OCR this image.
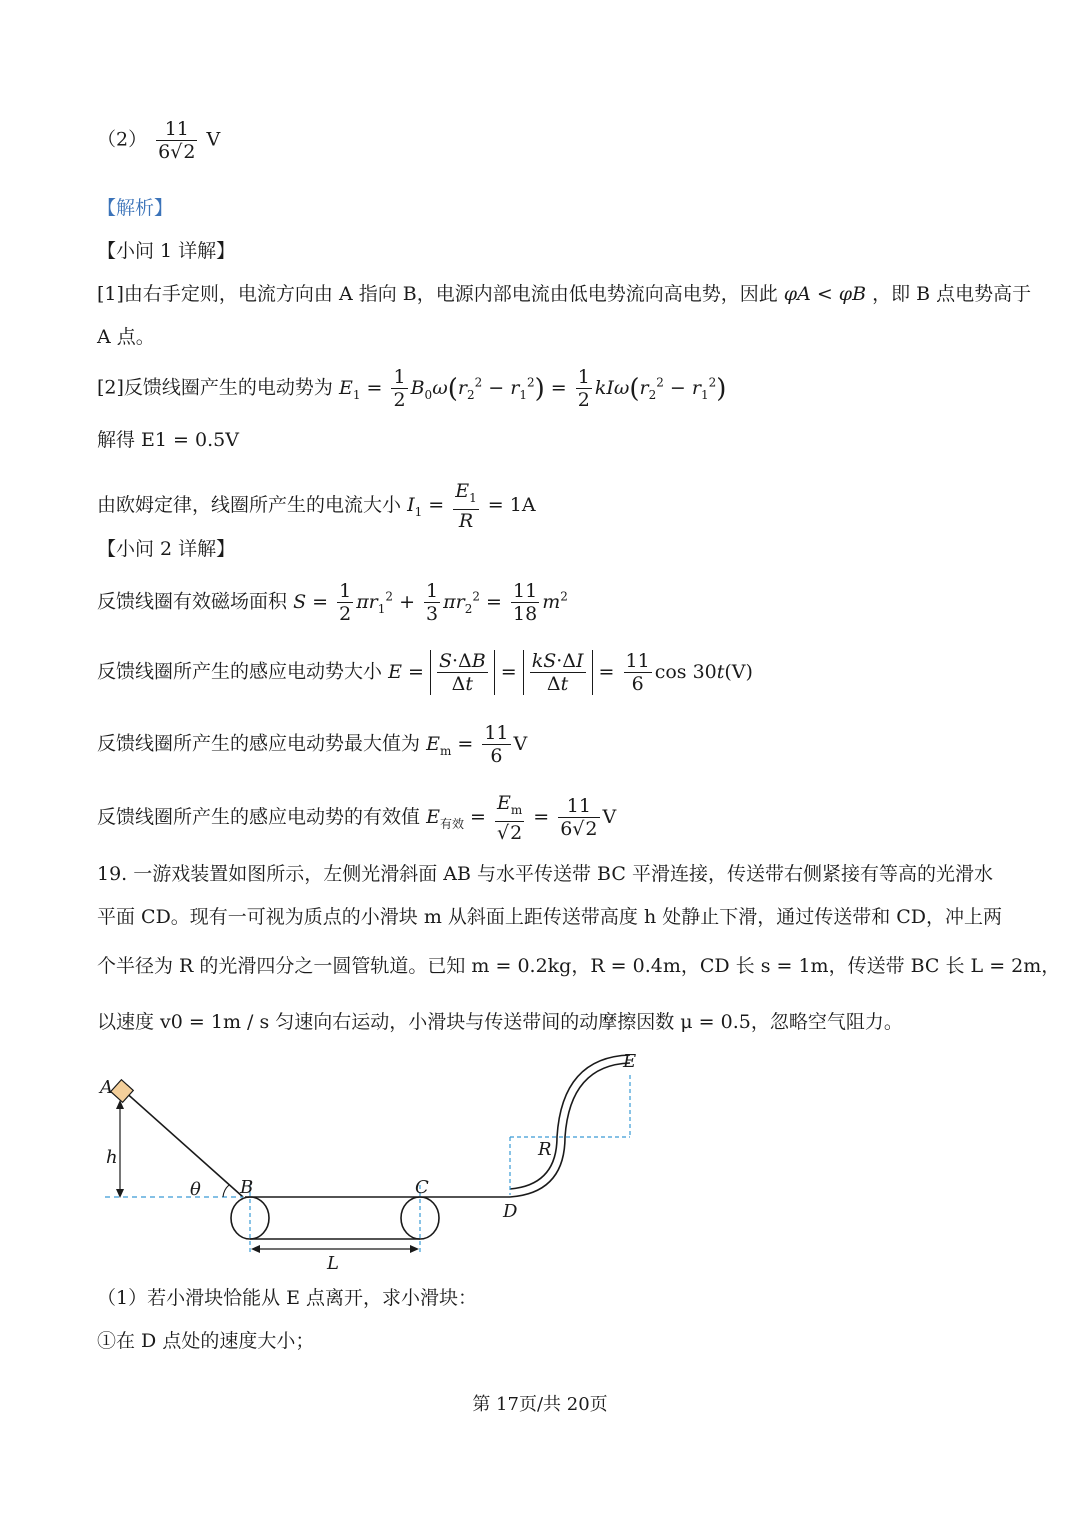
$(2) \frac{11}{6√2}$ V
【解析】
【小问 1 详解】
[1]由右手定则，电流方向由 A 指向 B，电源内部电流由低电势流向高电势，因此 φA < φB ，即 B 点电势高于
A 点。
[2]反馈线圈产生的电动势为 $E_1 = \frac{1}{2} B_0\omega(r_2^2 - r_1^2) = \frac{1}{2} kI\omega(r_2^2 - r_1^2)$
解得 E1 = 0.5V
由欧姆定律，线圈所产生的电流大小 $I_1 = \frac{E_1}{R} = 1A$
【小问 2 详解】
反馈线圈有效磁场面积 $S = \frac{1}{2} \pi r_1^2 + \frac{1}{3} \pi r_2^2 = \frac{11}{18} m^2$
反馈线圈所产生的感应电动势大小 $E = \frac{S\cdot\Delta B}{\Delta t} = \frac{kS\cdot\Delta I}{\Delta t} = \frac{11}{6}$ cos 30t(V)
反馈线圈所产生的感应电动势最大值为 $E_m = \frac{11}{6}$ V
反馈线圈所产生的感应电动势的有效值 $E_{有效} = \frac{E_m}{√2} = \frac{11}{6√2}$ V
19. 一游戏装置如图所示，左侧光滑斜面 AB 与水平传送带 BC 平滑连接，传送带右侧紧接有等高的光滑水
平面 CD。现有一可视为质点的小滑块 m 从斜面上距传送带高度 h 处静止下滑，通过传送带和 CD，冲上两
个半径为 R 的光滑四分之一圆管轨道。已知 m = 0.2kg，R = 0.4m，CD 长 s = 1m，传送带 BC 长 L = 2m，
以速度 v0 = 1m / s 匀速向右运动，小滑块与传送带间的动摩擦因数 μ = 0.5，忽略空气阻力。
A
h
θ B	C
D
E
R
L
（1）若小滑块恰能从 E 点离开，求小滑块：
①在 D 点处的速度大小；
第 17页/共 20页
